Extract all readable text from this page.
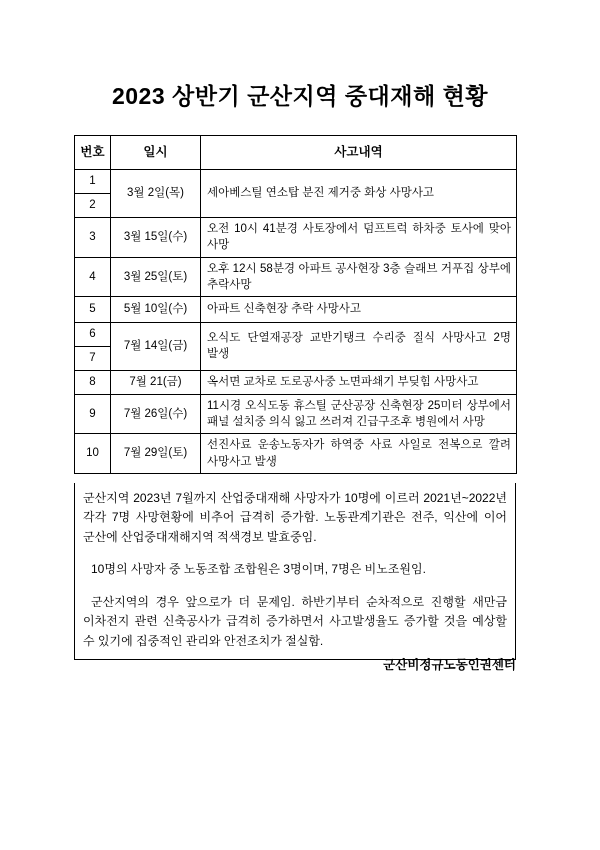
2023 상반기 군산지역 중대재해 현황
번호	일시	사고내역
1	3월 2일(목)	세아베스틸 연소탑 분진 제거중 화상 사망사고
2		
3	3월 15일(수)	오전 10시 41분경 사토장에서 덤프트럭 하차중 토사에 맞아 사망
4	3월 25일(토)	오후 12시 58분경 아파트 공사현장 3층 슬래브 거푸집 상부에 추락사망
5	5월 10일(수)	아파트 신축현장 추락 사망사고
6	7월 14일(금)	오식도 단열재공장 교반기탱크 수리중 질식 사망사고 2명 발생
7		
8	7월 21(금)	옥서면 교차로 도로공사중 노면파쇄기 부딪힘 사망사고
9	7월 26일(수)	11시경 오식도동 휴스틸 군산공장 신축현장 25미터 상부에서 패널 설치중 의식 잃고 쓰러져 긴급구조후 병원에서 사망
10	7월 29일(토)	선진사료 운송노동자가 하역중 사료 사일로 전복으로 깔려 사망사고 발생

군산지역 2023년 7월까지 산업중대재해 사망자가 10명에 이르러 2021년~2022년 각각 7명 사망현황에 비추어 급격히 증가함. 노동관계기관은 전주, 익산에 이어 군산에 산업중대재해지역 적색경보 발효중임.

10명의 사망자 중 노동조합 조합원은 3명이며, 7명은 비노조원임.

군산지역의 경우 앞으로가 더 문제임. 하반기부터 순차적으로 진행할 새만금 이차전지 관련 신축공사가 급격히 증가하면서 사고발생율도 증가할 것을 예상할 수 있기에 집중적인 관리와 안전조치가 절실함.

군산비정규노동인권센터
